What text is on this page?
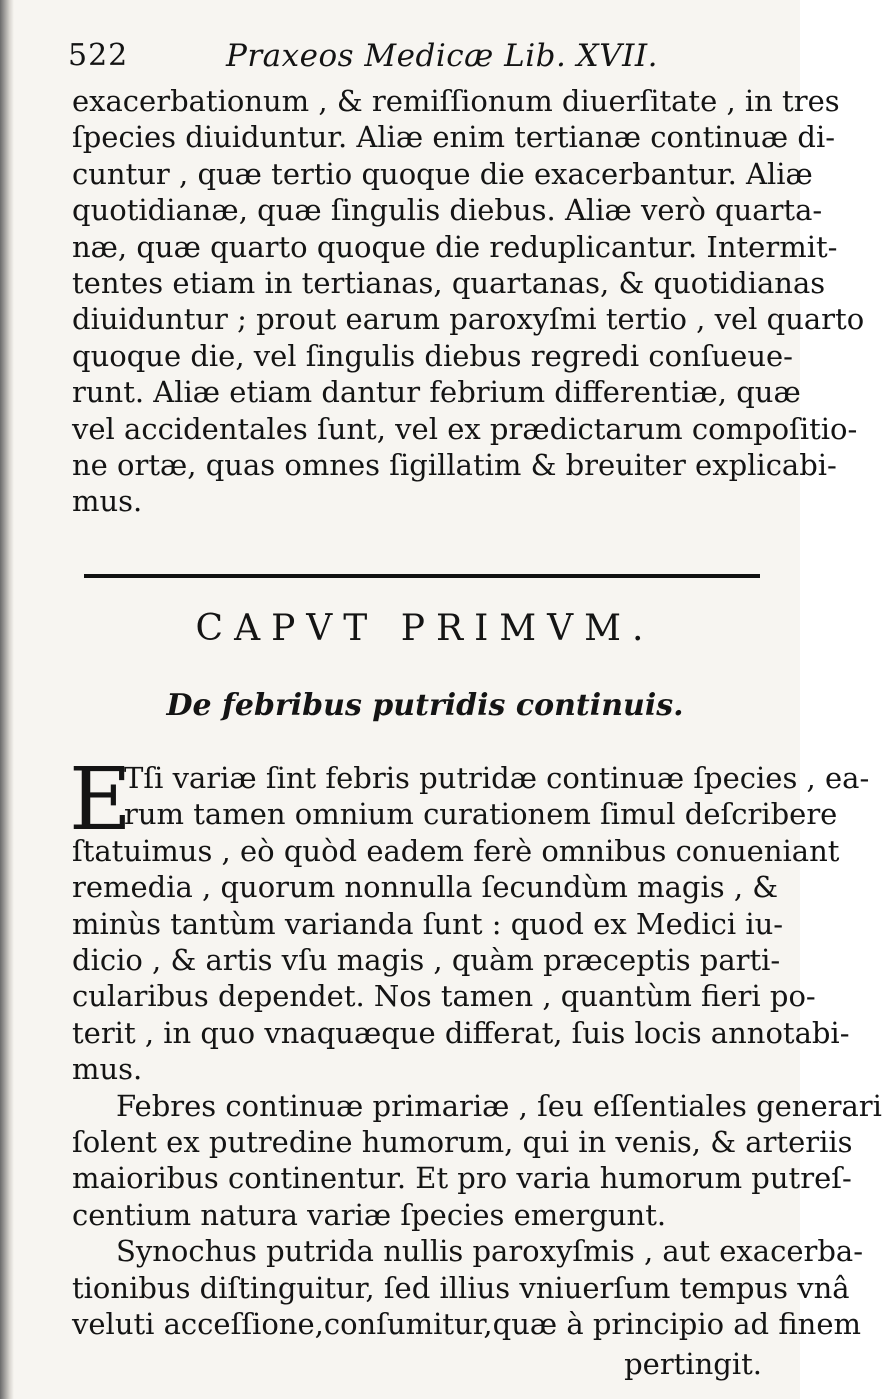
522	Praxeos Medicæ Lib. XVII.
exacerbationum , & remiſſionum diuerſitate , in tres
ſpecies diuiduntur. Aliæ enim tertianæ continuæ di-
cuntur , quæ tertio quoque die exacerbantur. Aliæ
quotidianæ, quæ ſingulis diebus. Aliæ verò quarta-
næ, quæ quarto quoque die reduplicantur. Intermit-
tentes etiam in tertianas, quartanas, & quotidianas
diuiduntur ; prout earum paroxyſmi tertio , vel quarto
quoque die, vel ſingulis diebus regredi conſueue-
runt. Aliæ etiam dantur febrium differentiæ, quæ
vel accidentales ſunt, vel ex prædictarum compoſitio-
ne ortæ, quas omnes ſigillatim & breuiter explicabi-
mus.
CAPVT PRIMVM.
De febribus putridis continuis.
E
Tſi variæ ſint febris putridæ continuæ ſpecies , ea-
rum tamen omnium curationem ſimul deſcribere
ſtatuimus , eò quòd eadem ferè omnibus conueniant
remedia , quorum nonnulla ſecundùm magis , &
minùs tantùm varianda ſunt : quod ex Medici iu-
dicio , & artis vſu magis , quàm præceptis parti-
cularibus dependet. Nos tamen , quantùm fieri po-
terit , in quo vnaquæque differat, ſuis locis annotabi-
mus.
Febres continuæ primariæ , ſeu eſſentiales generari
ſolent ex putredine humorum, qui in venis, & arteriis
maioribus continentur. Et pro varia humorum putreſ-
centium natura variæ ſpecies emergunt.
Synochus putrida nullis paroxyſmis , aut exacerba-
tionibus diſtinguitur, ſed illius vniuerſum tempus vnâ
veluti acceſſione,conſumitur,quæ à principio ad finem
pertingit.
